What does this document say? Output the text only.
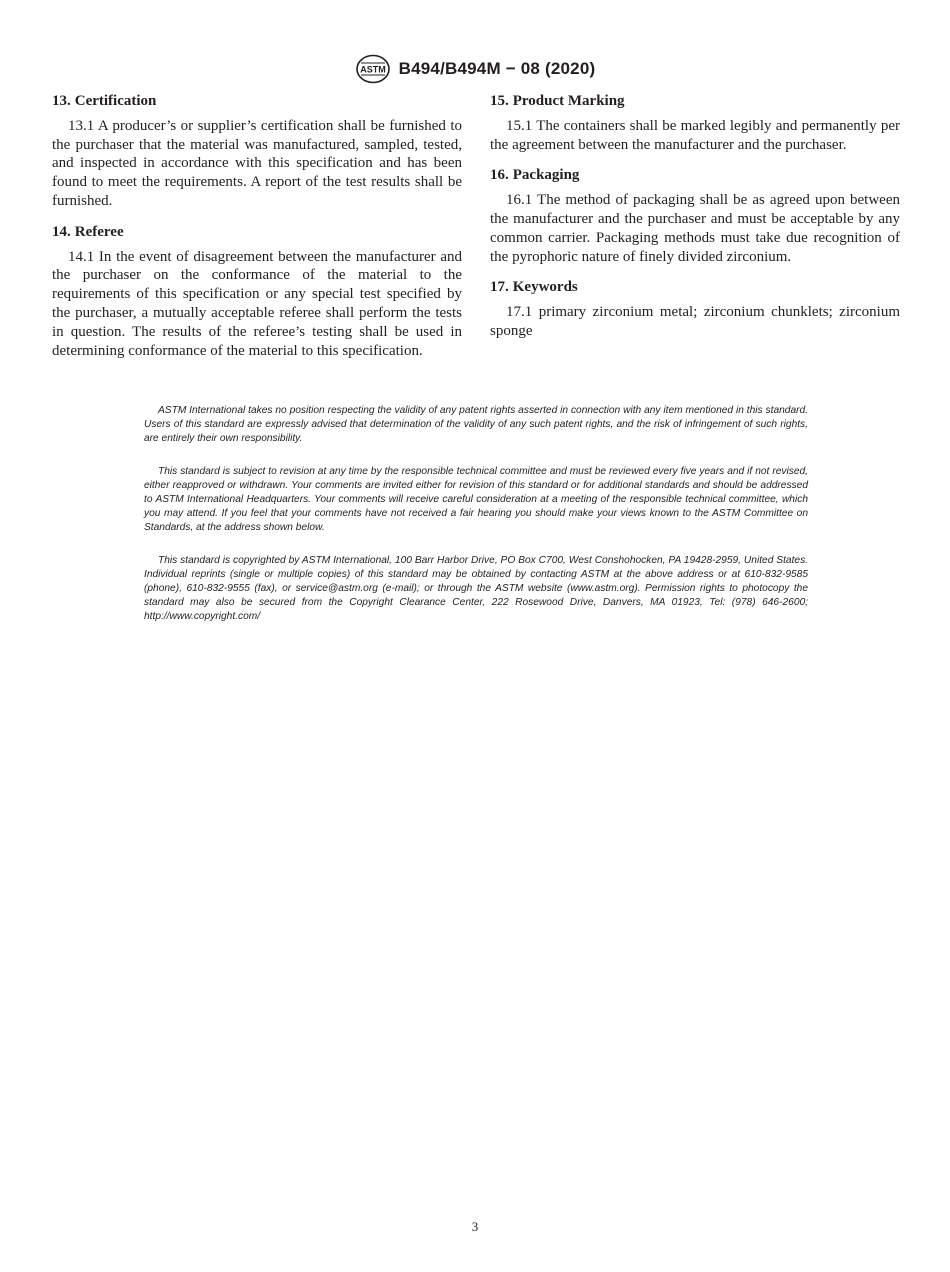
ASTM B494/B494M − 08 (2020)

13. Certification

13.1 A producer’s or supplier’s certification shall be furnished to the purchaser that the material was manufactured, sampled, tested, and inspected in accordance with this specification and has been found to meet the requirements. A report of the test results shall be furnished.

14. Referee

14.1 In the event of disagreement between the manufacturer and the purchaser on the conformance of the material to the requirements of this specification or any special test specified by the purchaser, a mutually acceptable referee shall perform the tests in question. The results of the referee’s testing shall be used in determining conformance of the material to this specification.

15. Product Marking

15.1 The containers shall be marked legibly and permanently per the agreement between the manufacturer and the purchaser.

16. Packaging

16.1 The method of packaging shall be as agreed upon between the manufacturer and the purchaser and must be acceptable by any common carrier. Packaging methods must take due recognition of the pyrophoric nature of finely divided zirconium.

17. Keywords

17.1 primary zirconium metal; zirconium chunklets; zirconium sponge

ASTM International takes no position respecting the validity of any patent rights asserted in connection with any item mentioned in this standard. Users of this standard are expressly advised that determination of the validity of any such patent rights, and the risk of infringement of such rights, are entirely their own responsibility.

This standard is subject to revision at any time by the responsible technical committee and must be reviewed every five years and if not revised, either reapproved or withdrawn. Your comments are invited either for revision of this standard or for additional standards and should be addressed to ASTM International Headquarters. Your comments will receive careful consideration at a meeting of the responsible technical committee, which you may attend. If you feel that your comments have not received a fair hearing you should make your views known to the ASTM Committee on Standards, at the address shown below.

This standard is copyrighted by ASTM International, 100 Barr Harbor Drive, PO Box C700, West Conshohocken, PA 19428-2959, United States. Individual reprints (single or multiple copies) of this standard may be obtained by contacting ASTM at the above address or at 610-832-9585 (phone), 610-832-9555 (fax), or service@astm.org (e-mail); or through the ASTM website (www.astm.org). Permission rights to photocopy the standard may also be secured from the Copyright Clearance Center, 222 Rosewood Drive, Danvers, MA 01923, Tel: (978) 646-2600; http://www.copyright.com/

3
